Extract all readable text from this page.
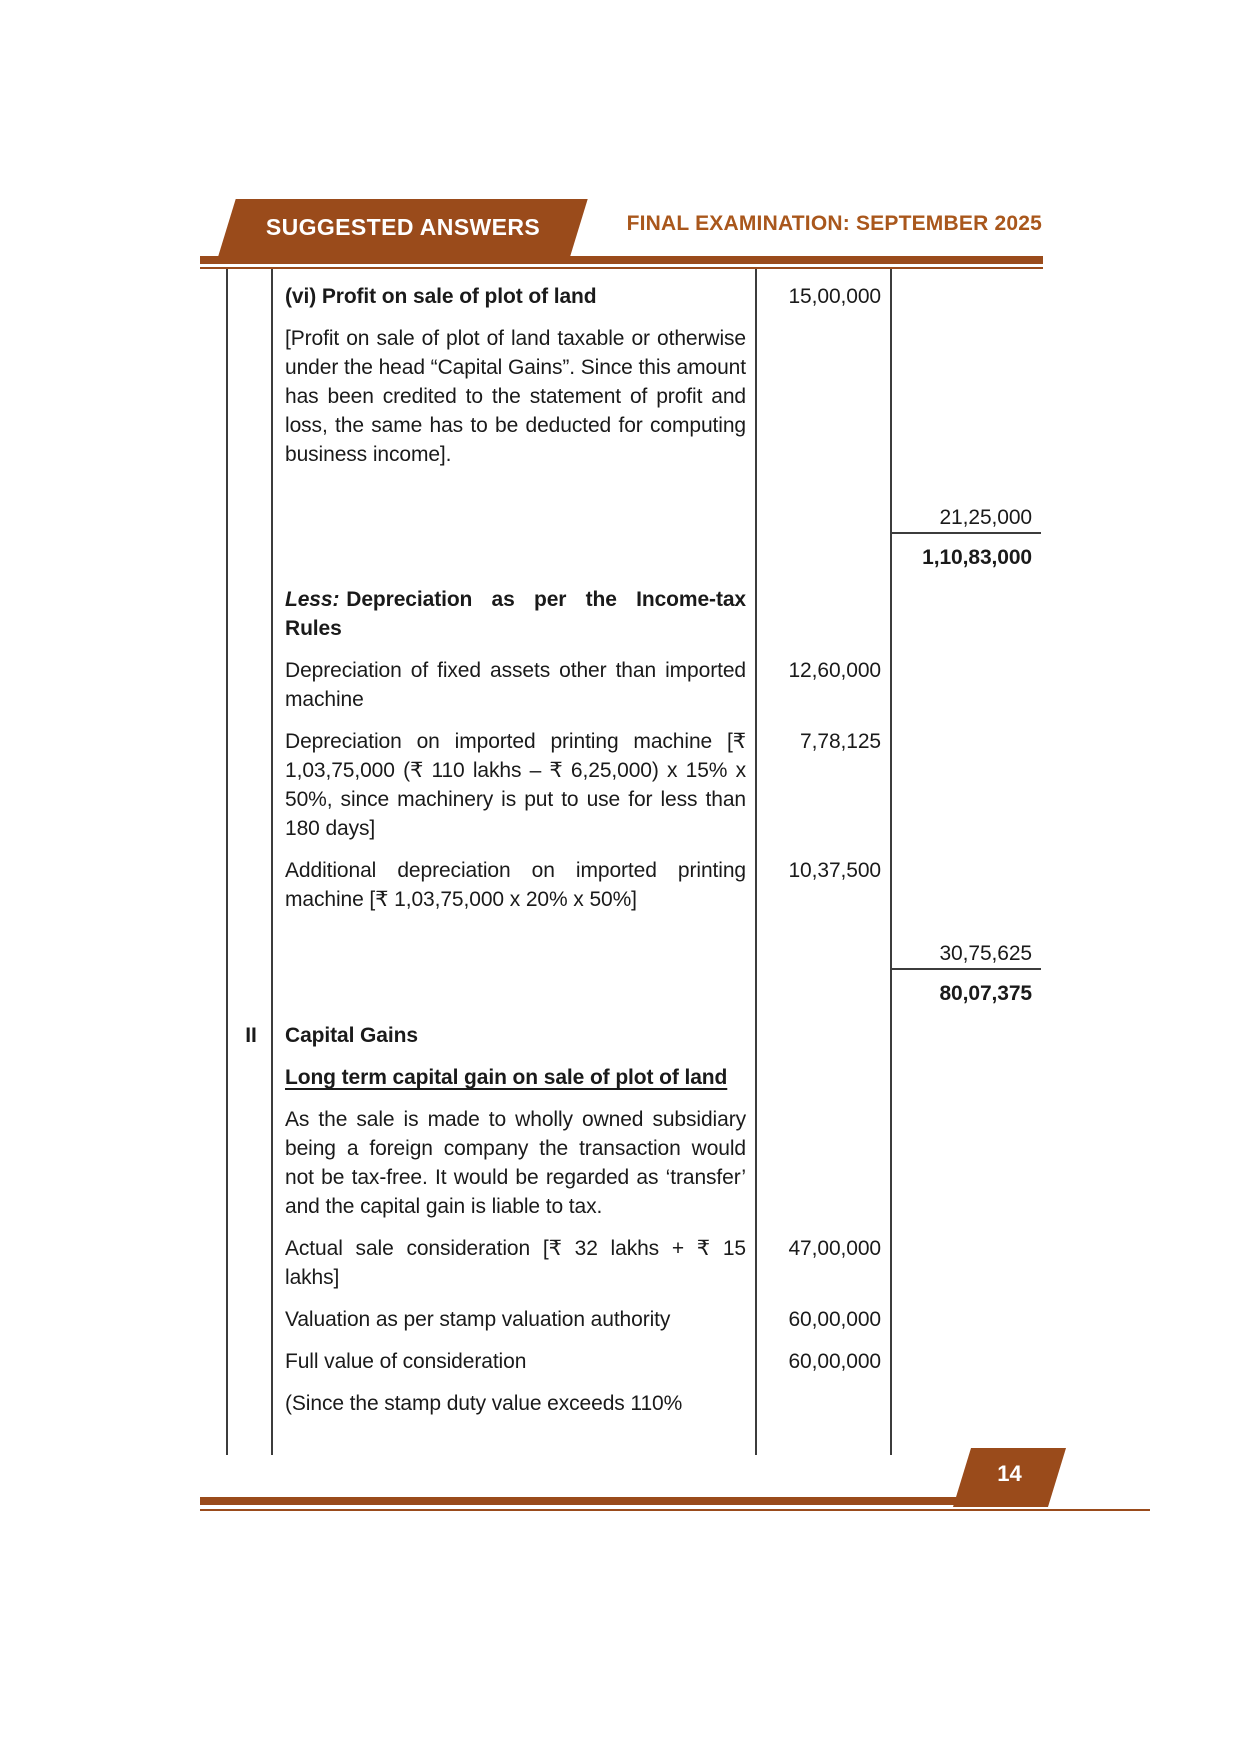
SUGGESTED ANSWERS	FINAL EXAMINATION: SEPTEMBER 2025
	(vi) Profit on sale of plot of land	15,00,000	
	[Profit on sale of plot of land taxable or otherwise under the head “Capital Gains”. Since this amount has been credited to the statement of profit and loss, the same has to be deducted for computing business income].		
			21,25,000
			1,10,83,000
	Less: Depreciation as per the Income-tax Rules		
	Depreciation of fixed assets other than imported machine	12,60,000	
	Depreciation on imported printing machine [₹ 1,03,75,000 (₹ 110 lakhs – ₹ 6,25,000) x 15% x 50%, since machinery is put to use for less than 180 days]	7,78,125	
	Additional depreciation on imported printing machine [₹ 1,03,75,000 x 20% x 50%]	10,37,500	
			30,75,625
			80,07,375
II	Capital Gains		
	Long term capital gain on sale of plot of land		
	As the sale is made to wholly owned subsidiary being a foreign company the transaction would not be tax-free. It would be regarded as ‘transfer’ and the capital gain is liable to tax.		
	Actual sale consideration [₹ 32 lakhs + ₹ 15 lakhs]	47,00,000	
	Valuation as per stamp valuation authority	60,00,000	
	Full value of consideration	60,00,000	
	(Since the stamp duty value exceeds 110%		

14
